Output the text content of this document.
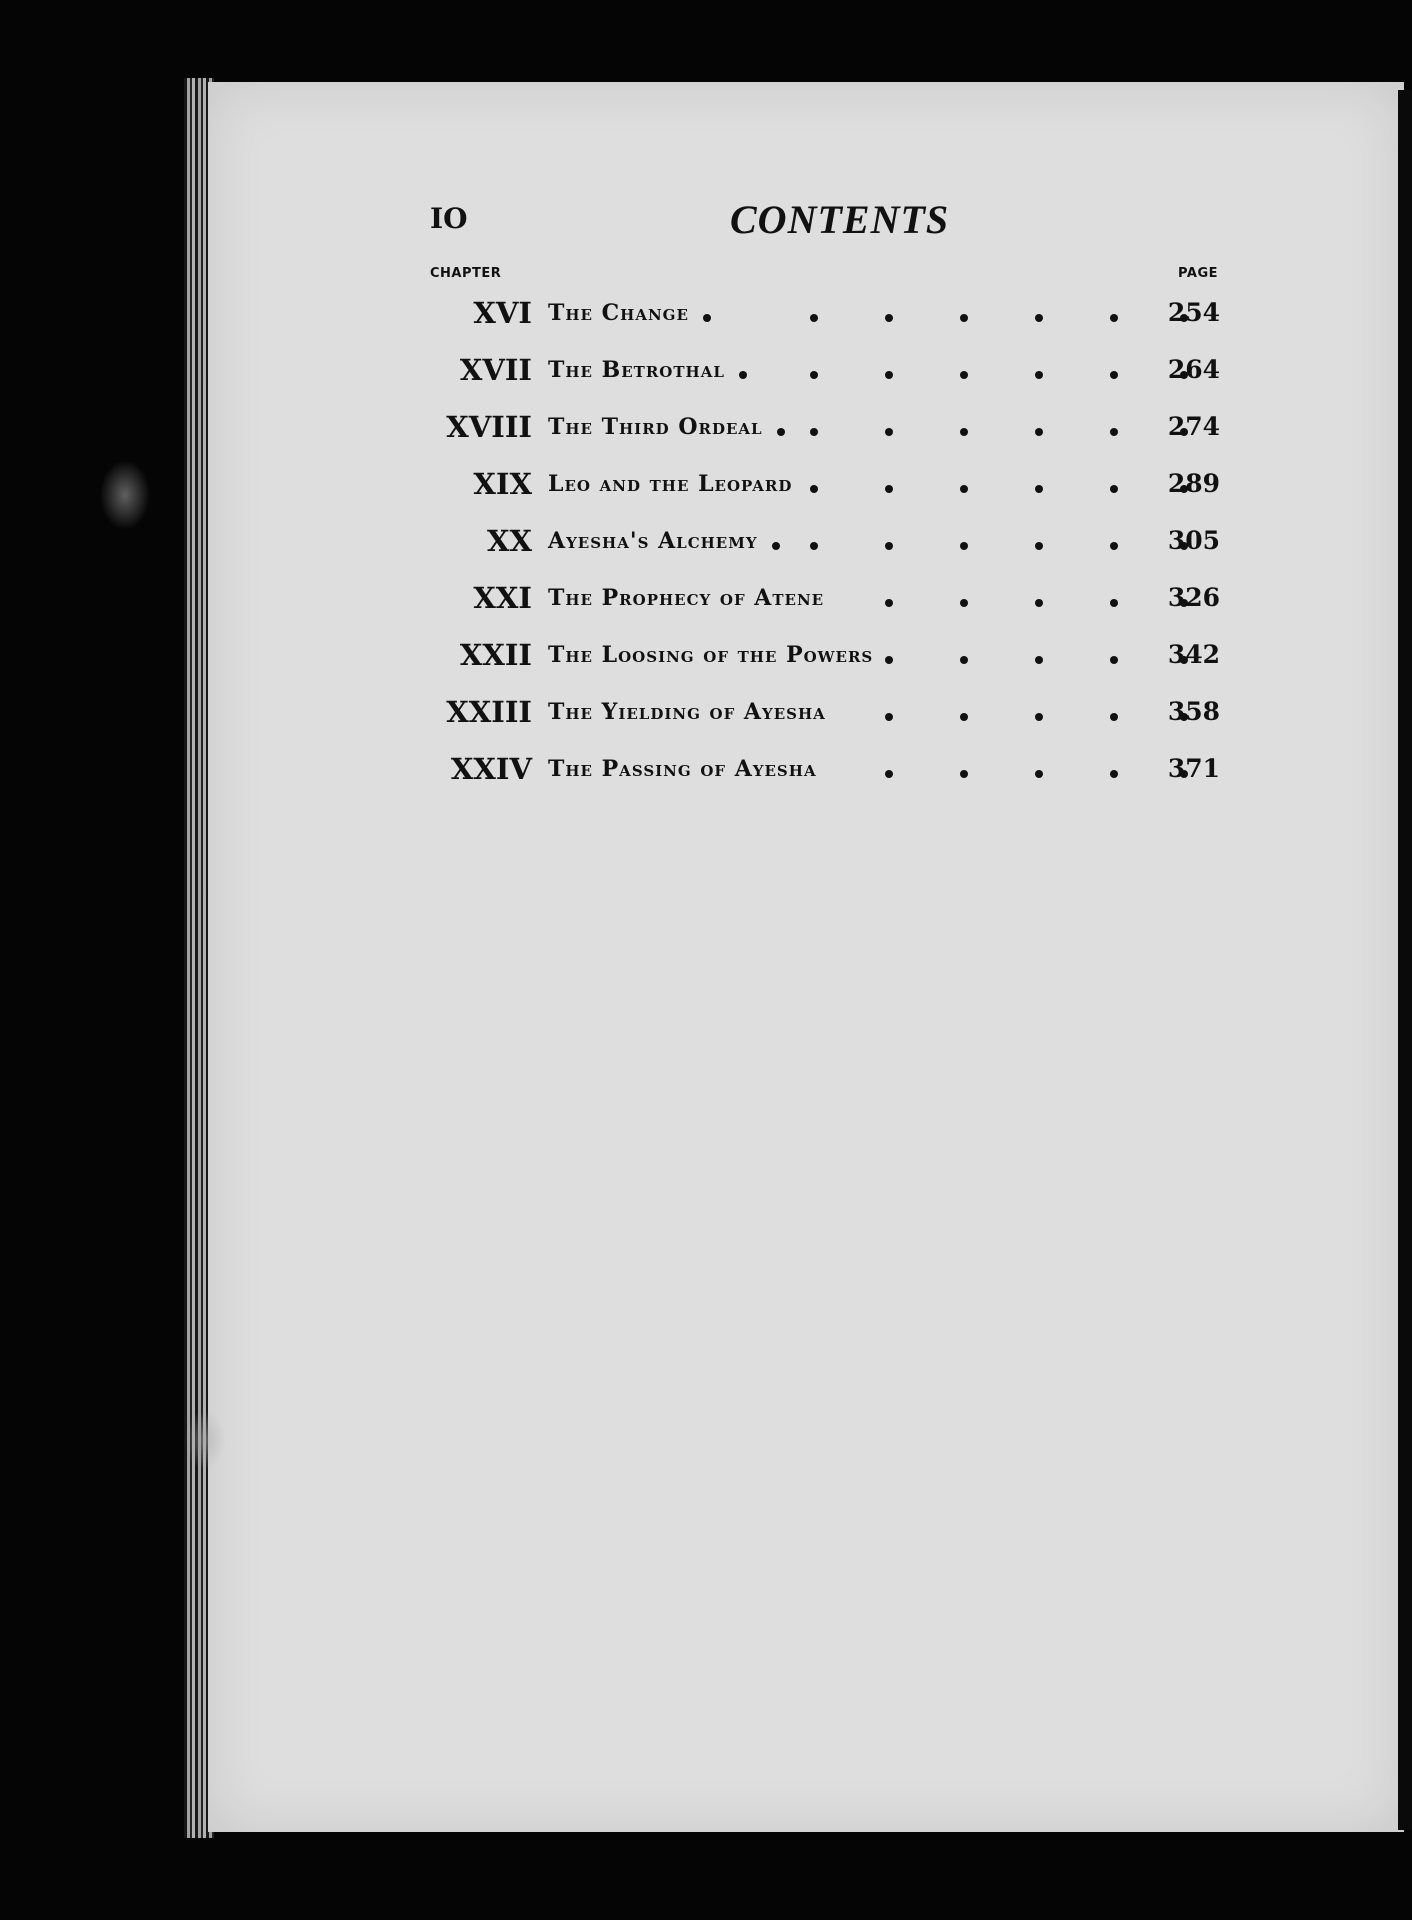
IO	CONTENTS
CHAPTER	PAGE
XVI The Change	254
XVII The Betrothal	264
XVIII The Third Ordeal	274
XIX Leo and the Leopard	289
XX Ayesha's Alchemy	305
XXI The Prophecy of Atene	326
XXII The Loosing of the Powers	342
XXIII The Yielding of Ayesha	358
XXIV The Passing of Ayesha	371
